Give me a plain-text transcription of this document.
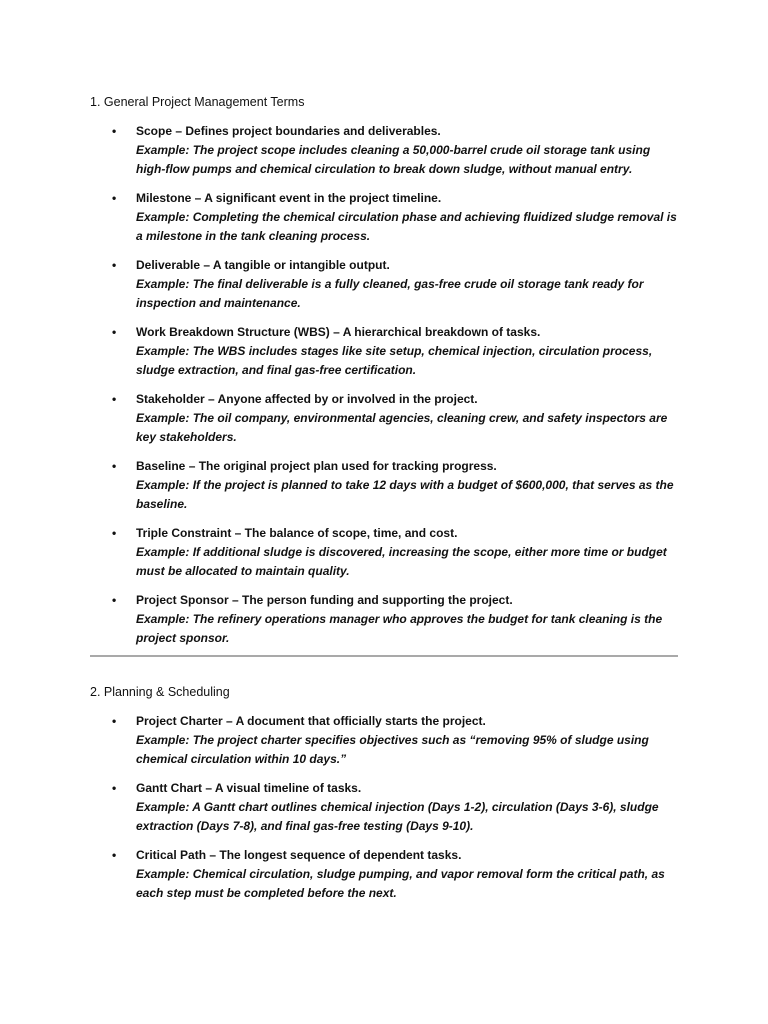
1. General Project Management Terms
• Scope – Defines project boundaries and deliverables.
Example: The project scope includes cleaning a 50,000-barrel crude oil storage tank using high-flow pumps and chemical circulation to break down sludge, without manual entry.
• Milestone – A significant event in the project timeline.
Example: Completing the chemical circulation phase and achieving fluidized sludge removal is a milestone in the tank cleaning process.
• Deliverable – A tangible or intangible output.
Example: The final deliverable is a fully cleaned, gas-free crude oil storage tank ready for inspection and maintenance.
• Work Breakdown Structure (WBS) – A hierarchical breakdown of tasks.
Example: The WBS includes stages like site setup, chemical injection, circulation process, sludge extraction, and final gas-free certification.
• Stakeholder – Anyone affected by or involved in the project.
Example: The oil company, environmental agencies, cleaning crew, and safety inspectors are key stakeholders.
• Baseline – The original project plan used for tracking progress.
Example: If the project is planned to take 12 days with a budget of $600,000, that serves as the baseline.
• Triple Constraint – The balance of scope, time, and cost.
Example: If additional sludge is discovered, increasing the scope, either more time or budget must be allocated to maintain quality.
• Project Sponsor – The person funding and supporting the project.
Example: The refinery operations manager who approves the budget for tank cleaning is the project sponsor.
2. Planning & Scheduling
• Project Charter – A document that officially starts the project.
Example: The project charter specifies objectives such as “removing 95% of sludge using chemical circulation within 10 days.”
• Gantt Chart – A visual timeline of tasks.
Example: A Gantt chart outlines chemical injection (Days 1-2), circulation (Days 3-6), sludge extraction (Days 7-8), and final gas-free testing (Days 9-10).
• Critical Path – The longest sequence of dependent tasks.
Example: Chemical circulation, sludge pumping, and vapor removal form the critical path, as each step must be completed before the next.
